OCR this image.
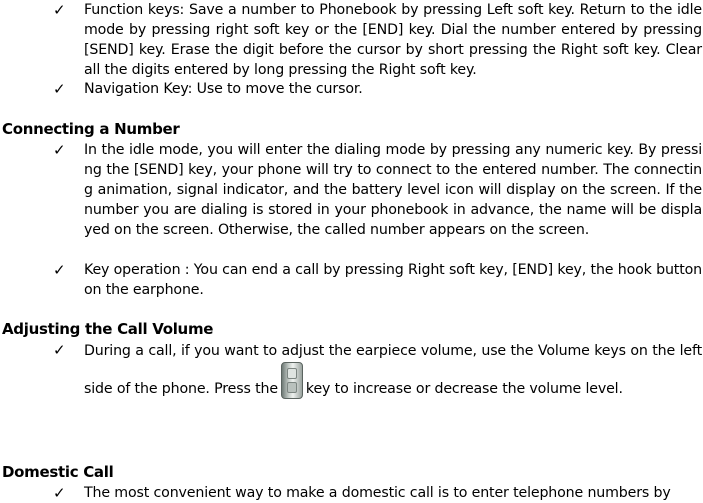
✓ Function keys: Save a number to Phonebook by pressing Left soft key. Return to the idle mode by pressing right soft key or the [END] key. Dial the number entered by pressing [SEND] key. Erase the digit before the cursor by short pressing the Right soft key. Clear all the digits entered by long pressing the Right soft key.
✓ Navigation Key: Use to move the cursor.
Connecting a Number
✓ In the idle mode, you will enter the dialing mode by pressing any numeric key. By pressing the [SEND] key, your phone will try to connect to the entered number. The connecting animation, signal indicator, and the battery level icon will display on the screen. If the number you are dialing is stored in your phonebook in advance, the name will be displayed on the screen. Otherwise, the called number appears on the screen.
✓ Key operation : You can end a call by pressing Right soft key, [END] key, the hook button on the earphone.
Adjusting the Call Volume
✓ During a call, if you want to adjust the earpiece volume, use the Volume keys on the left side of the phone. Press the key to increase or decrease the volume level.
Domestic Call
✓ The most convenient way to make a domestic call is to enter telephone numbers by
